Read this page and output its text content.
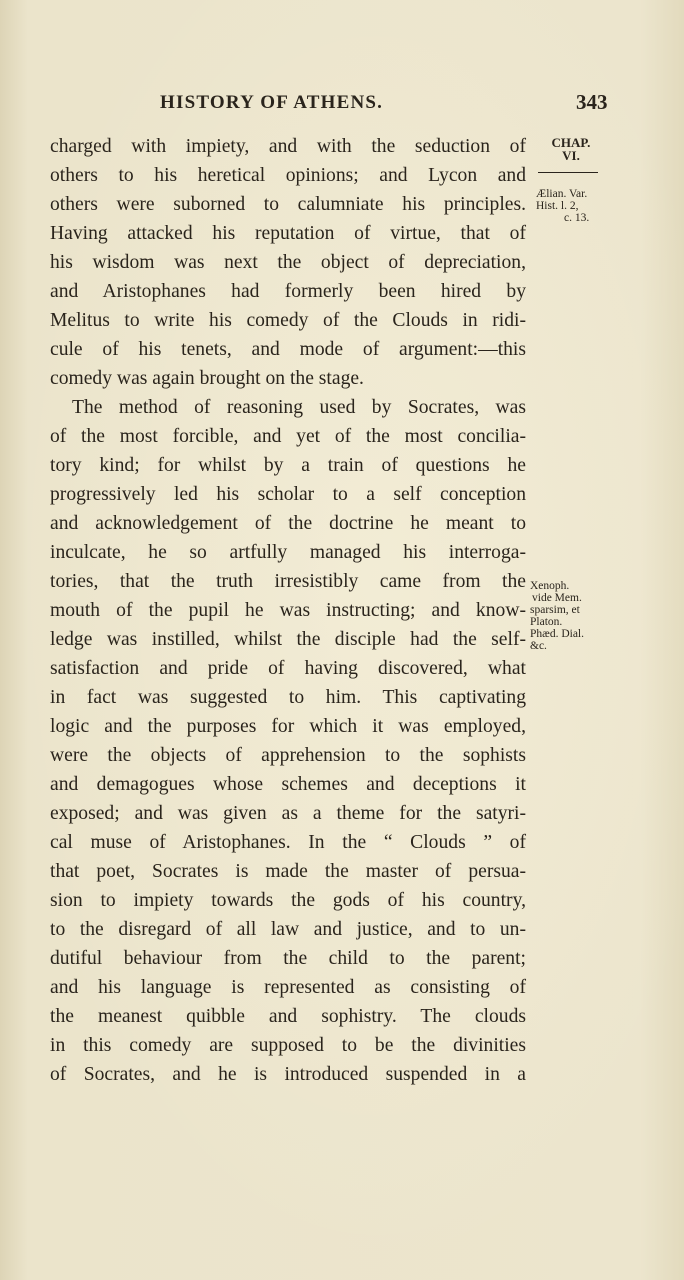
HISTORY OF ATHENS.	343
CHAP.
VI.
Ælian. Var.
Hist. l. 2,
c. 13.
Xenoph.
vide Mem.
sparsim, et
Platon.
Phæd. Dial.
&c.
charged with impiety, and with the seduction of
others to his heretical opinions; and Lycon and
others were suborned to calumniate his principles.
Having attacked his reputation of virtue, that of
his wisdom was next the object of depreciation,
and Aristophanes had formerly been hired by
Melitus to write his comedy of the Clouds in ridi-
cule of his tenets, and mode of argument:—this
comedy was again brought on the stage.
The method of reasoning used by Socrates, was
of the most forcible, and yet of the most concilia-
tory kind; for whilst by a train of questions he
progressively led his scholar to a self conception
and acknowledgement of the doctrine he meant to
inculcate, he so artfully managed his interroga-
tories, that the truth irresistibly came from the
mouth of the pupil he was instructing; and know-
ledge was instilled, whilst the disciple had the self-
satisfaction and pride of having discovered, what
in fact was suggested to him. This captivating
logic and the purposes for which it was employed,
were the objects of apprehension to the sophists
and demagogues whose schemes and deceptions it
exposed; and was given as a theme for the satyri-
cal muse of Aristophanes. In the “ Clouds ” of
that poet, Socrates is made the master of persua-
sion to impiety towards the gods of his country,
to the disregard of all law and justice, and to un-
dutiful behaviour from the child to the parent;
and his language is represented as consisting of
the meanest quibble and sophistry. The clouds
in this comedy are supposed to be the divinities
of Socrates, and he is introduced suspended in a
